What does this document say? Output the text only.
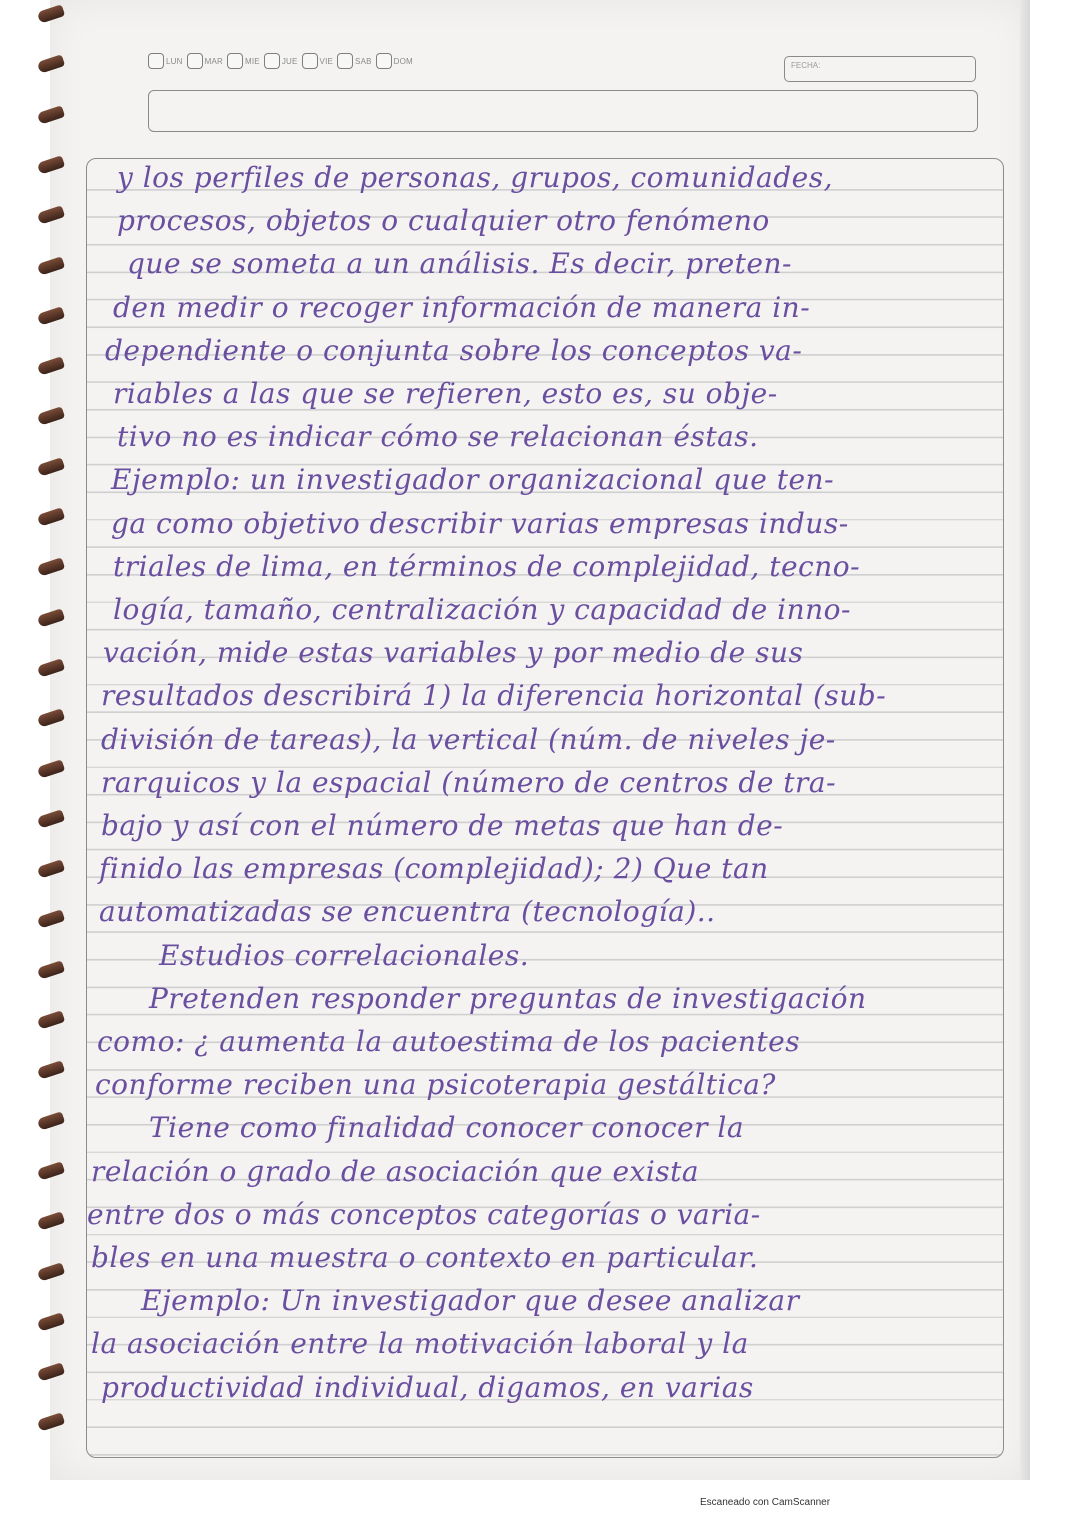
LUN	MAR	MIE	JUE	VIE	SAB	DOM	FECHA:
y los perfiles de personas, grupos, comunidades,
procesos, objetos o cualquier otro fenómeno
que se someta a un análisis. Es decir, preten-
den medir o recoger información de manera in-
dependiente o conjunta sobre los conceptos va-
riables a las que se refieren, esto es, su obje-
tivo no es indicar cómo se relacionan éstas.
Ejemplo: un investigador organizacional que ten-
ga como objetivo describir varias empresas indus-
triales de lima, en términos de complejidad, tecno-
logía, tamaño, centralización y capacidad de inno-
vación, mide estas variables y por medio de sus
resultados describirá 1) la diferencia horizontal (sub-
división de tareas), la vertical (núm. de niveles je-
rarquicos y la espacial (número de centros de tra-
bajo y así con el número de metas que han de-
finido las empresas (complejidad); 2) Que tan
automatizadas se encuentra (tecnología)..
Estudios correlacionales.
Pretenden responder preguntas de investigación
como: ¿ aumenta la autoestima de los pacientes
conforme reciben una psicoterapia gestáltica?
Tiene como finalidad conocer conocer la
relación o grado de asociación que exista
entre dos o más conceptos categorías o varia-
bles en una muestra o contexto en particular.
Ejemplo: Un investigador que desee analizar
la asociación entre la motivación laboral y la
productividad individual, digamos, en varias
Escaneado con CamScanner
